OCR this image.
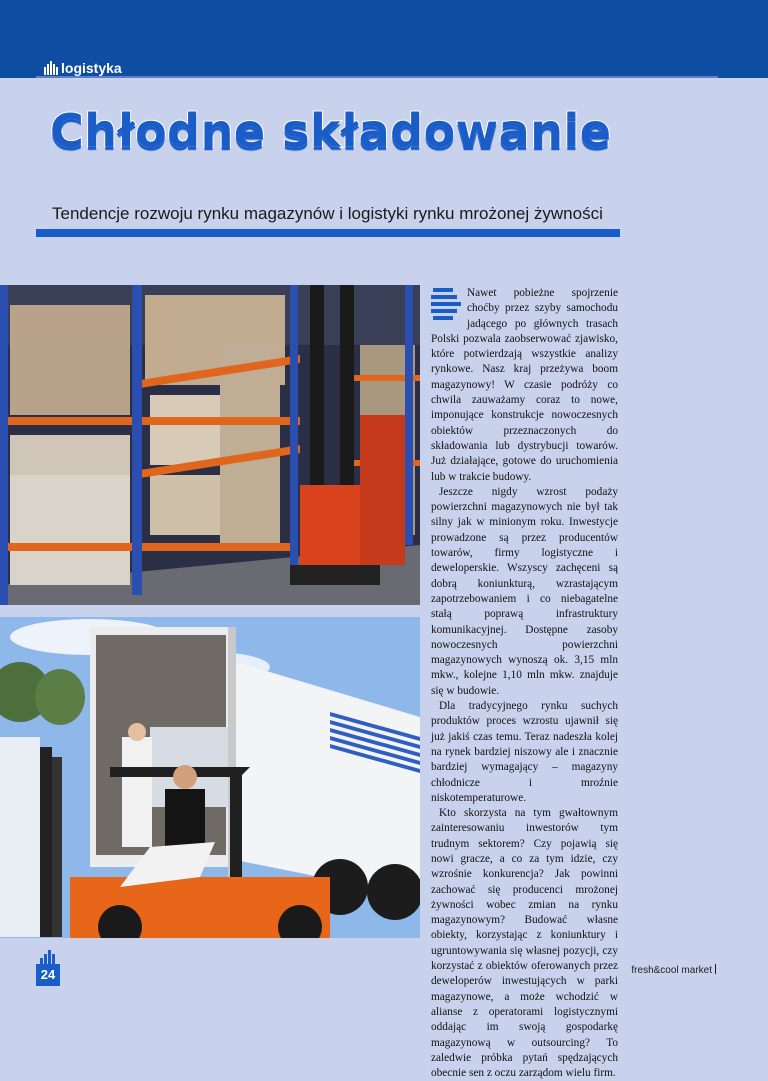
logistyka
Chłodne składowanie
Tendencje rozwoju rynku magazynów i logistyki rynku mrożonej żywności

Nawet pobieżne spojrzenie choćby przez szyby samochodu jadącego po głównych trasach Polski pozwala zaobserwować zjawisko, które potwierdzają wszystkie analizy rynkowe. Nasz kraj przeżywa boom magazynowy! W czasie podróży co chwila zauważamy coraz to nowe, imponujące konstrukcje nowoczesnych obiektów przeznaczonych do składowania lub dystrybucji towarów. Już działające, gotowe do uruchomienia lub w trakcie budowy.

Jeszcze nigdy wzrost podaży powierzchni magazynowych nie był tak silny jak w minionym roku. Inwestycje prowadzone są przez producentów towarów, firmy logistyczne i deweloperskie. Wszyscy zachęceni są dobrą koniunkturą, wzrastającym zapotrzebowaniem i co niebagatelne stałą poprawą infrastruktury komunikacyjnej. Dostępne zasoby nowoczesnych powierzchni magazynowych wynoszą ok. 3,15 mln mkw., kolejne 1,10 mln mkw. znajduje się w budowie.

Dla tradycyjnego rynku suchych produktów proces wzrostu ujawnił się już jakiś czas temu. Teraz nadeszła kolej na rynek bardziej niszowy ale i znacznie bardziej wymagający – magazyny chłodnicze i mroźnie niskotemperaturowe.

Kto skorzysta na tym gwałtownym zainteresowaniu inwestorów tym trudnym sektorem? Czy pojawią się nowi gracze, a co za tym idzie, czy wzrośnie konkurencja? Jak powinni zachować się producenci mrożonej żywności wobec zmian na rynku magazynowym? Budować własne obiekty, korzystając z koniunktury i ugruntowywania się własnej pozycji, czy korzystać z obiektów oferowanych przez deweloperów inwestujących w parki magazynowe, a może wchodzić w alianse z operatorami logistycznymi oddając im swoją gospodarkę magazynową w outsourcing? To zaledwie próbka pytań spędzających obecnie sen z oczu zarządom wielu firm.

24	fresh&cool market
